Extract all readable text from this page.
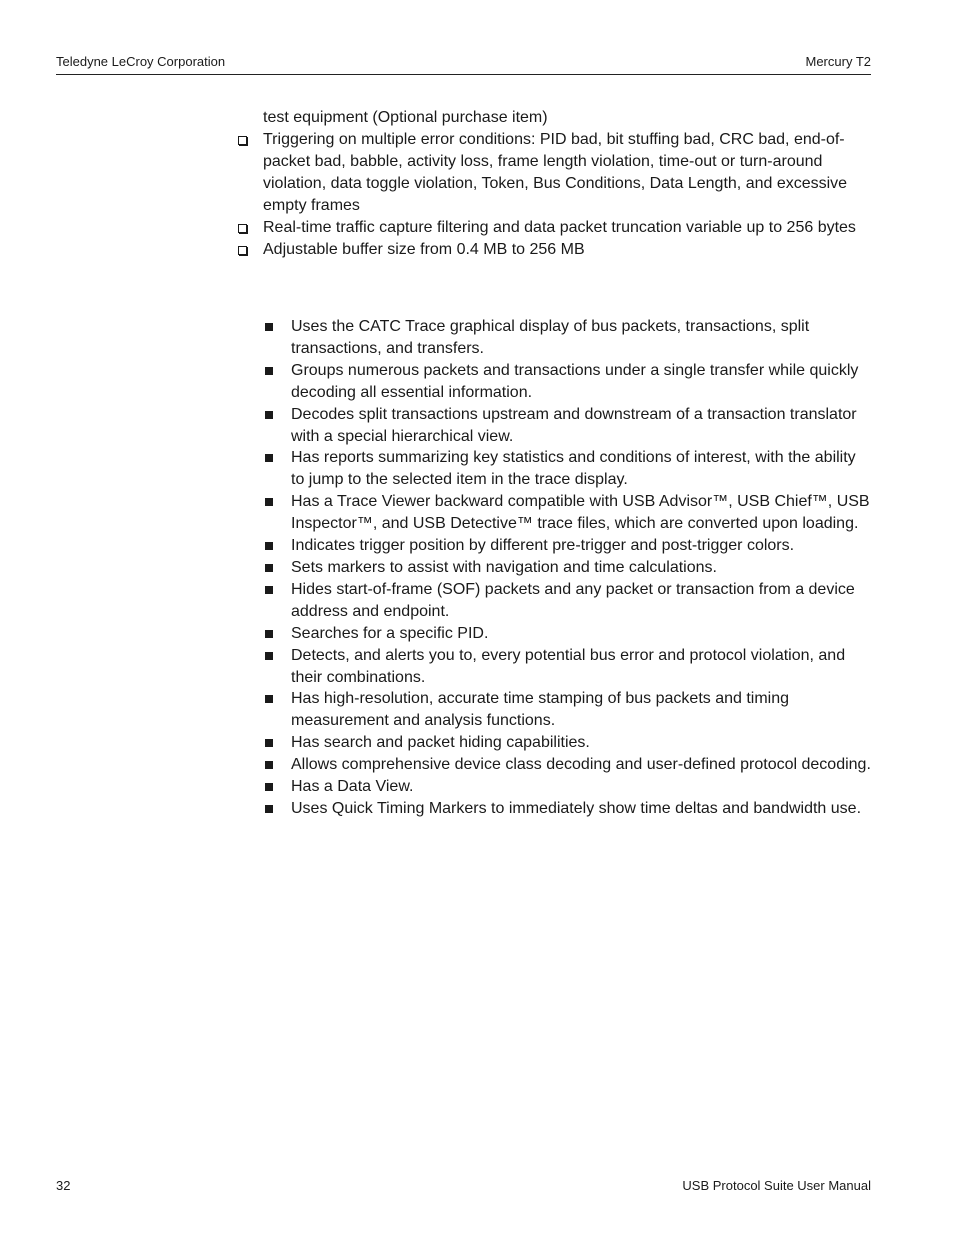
Teledyne LeCroy Corporation	Mercury T2
test equipment (Optional purchase item)
Triggering on multiple error conditions: PID bad, bit stuffing bad, CRC bad, end-of-packet bad, babble, activity loss, frame length violation, time-out or turn-around violation, data toggle violation, Token, Bus Conditions, Data Length, and excessive empty frames
Real-time traffic capture filtering and data packet truncation variable up to 256 bytes
Adjustable buffer size from 0.4 MB to 256 MB
Uses the CATC Trace graphical display of bus packets, transactions, split transactions, and transfers.
Groups numerous packets and transactions under a single transfer while quickly decoding all essential information.
Decodes split transactions upstream and downstream of a transaction translator with a special hierarchical view.
Has reports summarizing key statistics and conditions of interest, with the ability to jump to the selected item in the trace display.
Has a Trace Viewer backward compatible with USB Advisor™, USB Chief™, USB Inspector™, and USB Detective™ trace files, which are converted upon loading.
Indicates trigger position by different pre-trigger and post-trigger colors.
Sets markers to assist with navigation and time calculations.
Hides start-of-frame (SOF) packets and any packet or transaction from a device address and endpoint.
Searches for a specific PID.
Detects, and alerts you to, every potential bus error and protocol violation, and their combinations.
Has high-resolution, accurate time stamping of bus packets and timing measurement and analysis functions.
Has search and packet hiding capabilities.
Allows comprehensive device class decoding and user-defined protocol decoding.
Has a Data View.
Uses Quick Timing Markers to immediately show time deltas and bandwidth use.
32	USB Protocol Suite User Manual
